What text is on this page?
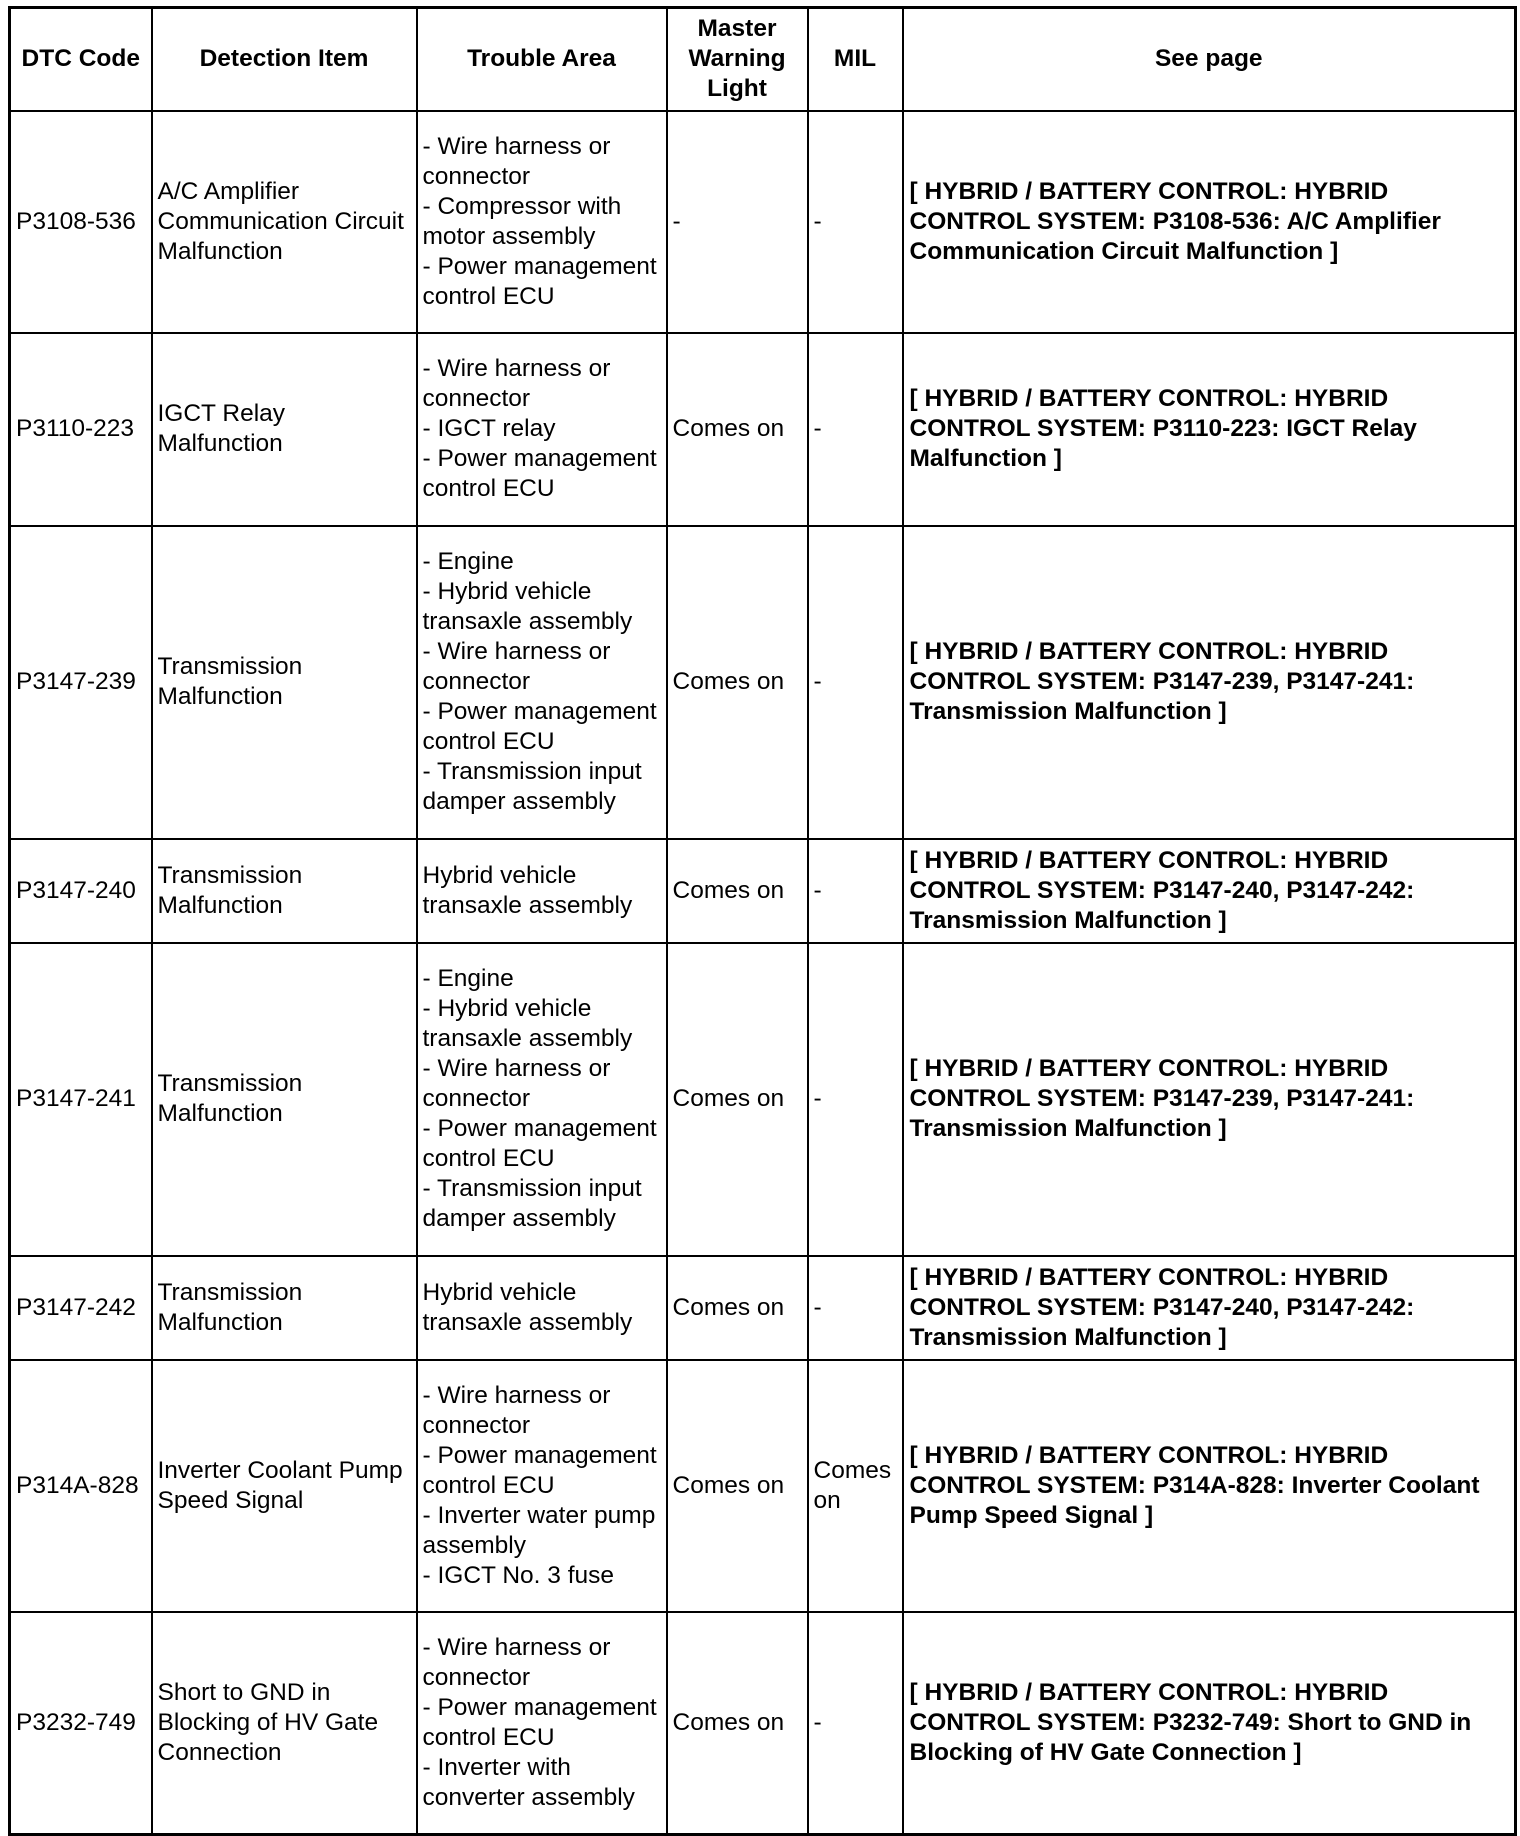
DTC Code	Detection Item	Trouble Area	Master Warning Light	MIL	See page
P3108-536	A/C Amplifier Communication Circuit Malfunction	- Wire harness or connector
- Compressor with motor assembly
- Power management control ECU	-	-	[ HYBRID / BATTERY CONTROL: HYBRID CONTROL SYSTEM: P3108-536: A/C Amplifier Communication Circuit Malfunction ]
P3110-223	IGCT Relay Malfunction	- Wire harness or connector
- IGCT relay
- Power management control ECU	Comes on	-	[ HYBRID / BATTERY CONTROL: HYBRID CONTROL SYSTEM: P3110-223: IGCT Relay Malfunction ]
P3147-239	Transmission Malfunction	- Engine
- Hybrid vehicle transaxle assembly
- Wire harness or connector
- Power management control ECU
- Transmission input damper assembly	Comes on	-	[ HYBRID / BATTERY CONTROL: HYBRID CONTROL SYSTEM: P3147-239, P3147-241: Transmission Malfunction ]
P3147-240	Transmission Malfunction	Hybrid vehicle transaxle assembly	Comes on	-	[ HYBRID / BATTERY CONTROL: HYBRID CONTROL SYSTEM: P3147-240, P3147-242: Transmission Malfunction ]
P3147-241	Transmission Malfunction	- Engine
- Hybrid vehicle transaxle assembly
- Wire harness or connector
- Power management control ECU
- Transmission input damper assembly	Comes on	-	[ HYBRID / BATTERY CONTROL: HYBRID CONTROL SYSTEM: P3147-239, P3147-241: Transmission Malfunction ]
P3147-242	Transmission Malfunction	Hybrid vehicle transaxle assembly	Comes on	-	[ HYBRID / BATTERY CONTROL: HYBRID CONTROL SYSTEM: P3147-240, P3147-242: Transmission Malfunction ]
P314A-828	Inverter Coolant Pump Speed Signal	- Wire harness or connector
- Power management control ECU
- Inverter water pump assembly
- IGCT No. 3 fuse	Comes on	Comes on	[ HYBRID / BATTERY CONTROL: HYBRID CONTROL SYSTEM: P314A-828: Inverter Coolant Pump Speed Signal ]
P3232-749	Short to GND in Blocking of HV Gate Connection	- Wire harness or connector
- Power management control ECU
- Inverter with converter assembly	Comes on	-	[ HYBRID / BATTERY CONTROL: HYBRID CONTROL SYSTEM: P3232-749: Short to GND in Blocking of HV Gate Connection ]
